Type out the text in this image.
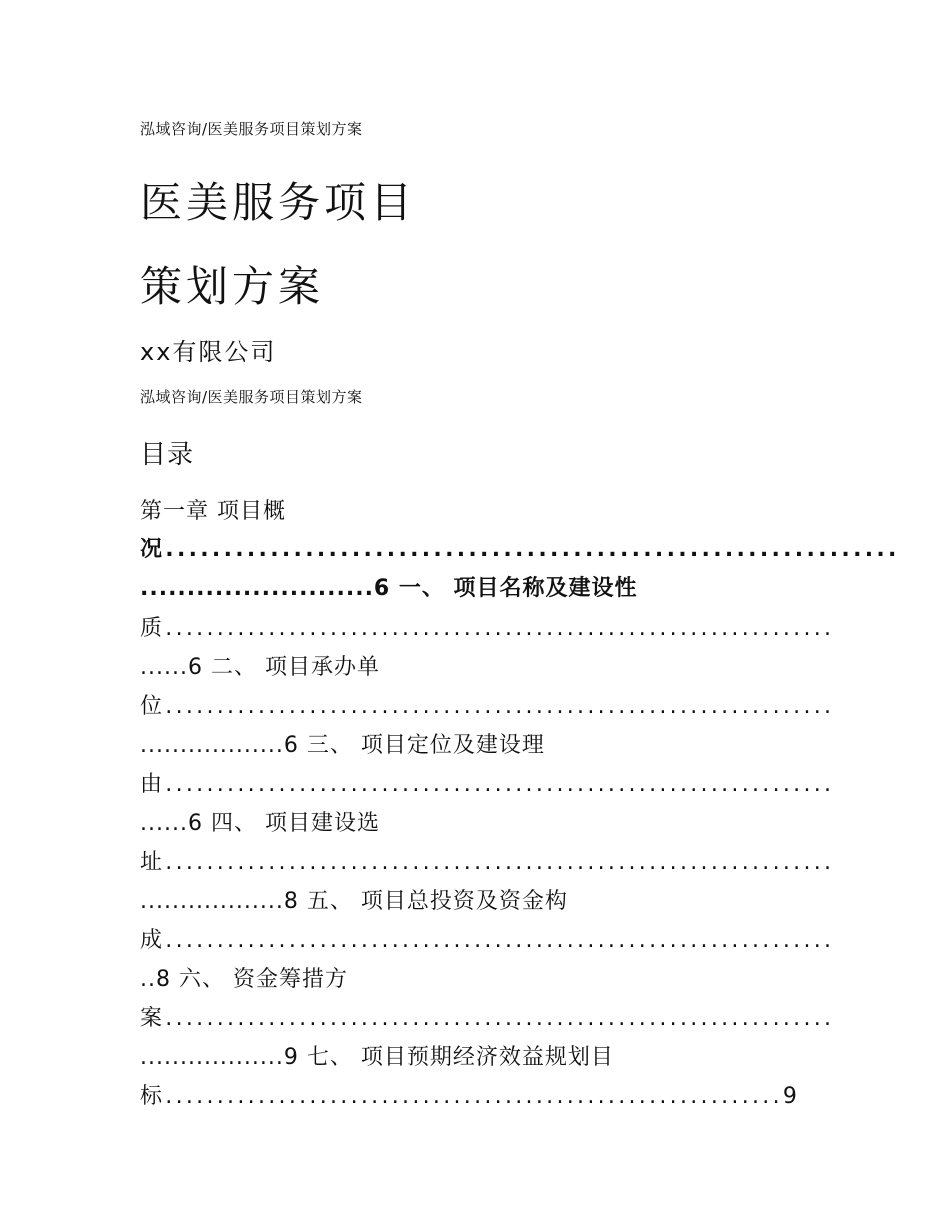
泓域咨询/医美服务项目策划方案
医美服务项目
策划方案
xx有限公司
泓域咨询/医美服务项目策划方案
目录
第一章 项目概
况...............................................................
.........................6 一、 项目名称及建设性
质.................................................................
......6 二、 项目承办单
位.................................................................
..................6 三、 项目定位及建设理
由.................................................................
......6 四、 项目建设选
址.................................................................
..................8 五、 项目总投资及资金构
成.................................................................
..8 六、 资金筹措方
案.................................................................
..................9 七、 项目预期经济效益规划目
标............................................................9
